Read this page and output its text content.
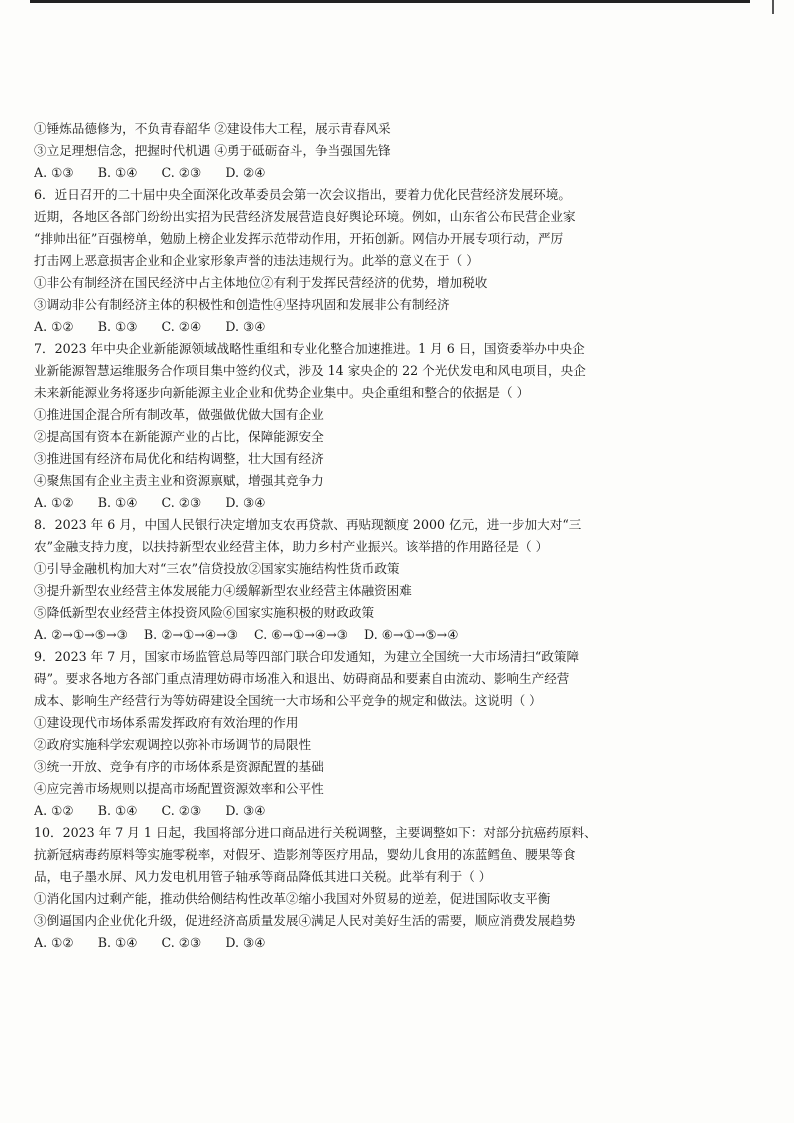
①锤炼品德修为，不负青春韶华 ②建设伟大工程，展示青春风采
③立足理想信念，把握时代机遇 ④勇于砥砺奋斗，争当强国先锋
A. ①③      B. ①④      C. ②③      D. ②④
6．近日召开的二十届中央全面深化改革委员会第一次会议指出，要着力优化民营经济发展环境。
近期，各地区各部门纷纷出实招为民营经济发展营造良好舆论环境。例如，山东省公布民营企业家
“排帅出征”百强榜单，勉励上榜企业发挥示范带动作用，开拓创新。网信办开展专项行动，严厉
打击网上恶意损害企业和企业家形象声誉的违法违规行为。此举的意义在于（ ）
①非公有制经济在国民经济中占主体地位②有利于发挥民营经济的优势，增加税收
③调动非公有制经济主体的积极性和创造性④坚持巩固和发展非公有制经济
A. ①②      B. ①③      C. ②④      D. ③④
7．2023 年中央企业新能源领域战略性重组和专业化整合加速推进。1 月 6 日，国资委举办中央企
业新能源智慧运维服务合作项目集中签约仪式，涉及 14 家央企的 22 个光伏发电和风电项目，央企
未来新能源业务将逐步向新能源主业企业和优势企业集中。央企重组和整合的依据是（ ）
①推进国企混合所有制改革，做强做优做大国有企业
②提高国有资本在新能源产业的占比，保障能源安全
③推进国有经济布局优化和结构调整，壮大国有经济
④聚焦国有企业主责主业和资源禀赋，增强其竞争力
A. ①②      B. ①④      C. ②③      D. ③④
8．2023 年 6 月，中国人民银行决定增加支农再贷款、再贴现额度 2000 亿元，进一步加大对“三
农”金融支持力度，以扶持新型农业经营主体，助力乡村产业振兴。该举措的作用路径是（ ）
①引导金融机构加大对“三农”信贷投放②国家实施结构性货币政策
③提升新型农业经营主体发展能力④缓解新型农业经营主体融资困难
⑤降低新型农业经营主体投资风险⑥国家实施积极的财政政策
A. ②→①→⑤→③    B. ②→①→④→③    C. ⑥→①→④→③    D. ⑥→①→⑤→④
9．2023 年 7 月，国家市场监管总局等四部门联合印发通知，为建立全国统一大市场清扫“政策障
碍”。要求各地方各部门重点清理妨碍市场准入和退出、妨碍商品和要素自由流动、影响生产经营
成本、影响生产经营行为等妨碍建设全国统一大市场和公平竞争的规定和做法。这说明（ ）
①建设现代市场体系需发挥政府有效治理的作用
②政府实施科学宏观调控以弥补市场调节的局限性
③统一开放、竞争有序的市场体系是资源配置的基础
④应完善市场规则以提高市场配置资源效率和公平性
A. ①②      B. ①④      C. ②③      D. ③④
10．2023 年 7 月 1 日起，我国将部分进口商品进行关税调整，主要调整如下：对部分抗癌药原料、
抗新冠病毒药原料等实施零税率，对假牙、造影剂等医疗用品，婴幼儿食用的冻蓝鳕鱼、腰果等食
品，电子墨水屏、风力发电机用管子轴承等商品降低其进口关税。此举有利于（ ）
①消化国内过剩产能，推动供给侧结构性改革②缩小我国对外贸易的逆差，促进国际收支平衡
③倒逼国内企业优化升级，促进经济高质量发展④满足人民对美好生活的需要，顺应消费发展趋势
A. ①②      B. ①④      C. ②③      D. ③④
